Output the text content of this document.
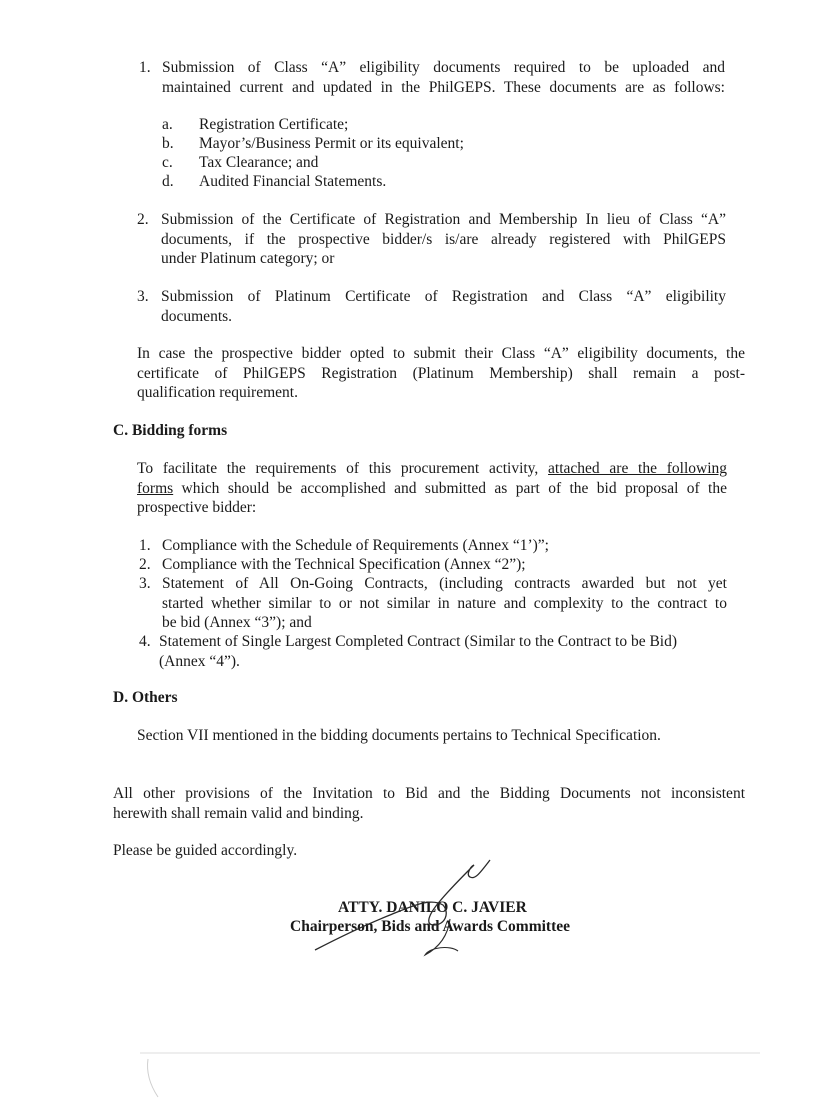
1. Submission of Class “A” eligibility documents required to be uploaded and
maintained current and updated in the PhilGEPS. These documents are as follows:

a. Registration Certificate;
b. Mayor’s/Business Permit or its equivalent;
c. Tax Clearance; and
d. Audited Financial Statements.
2. Submission of the Certificate of Registration and Membership In lieu of Class “A”
documents, if the prospective bidder/s is/are already registered with PhilGEPS
under Platinum category; or

3. Submission of Platinum Certificate of Registration and Class “A” eligibility
documents.

In case the prospective bidder opted to submit their Class “A” eligibility documents, the
certificate of PhilGEPS Registration (Platinum Membership) shall remain a post-
qualification requirement.

C. Bidding forms

To facilitate the requirements of this procurement activity, attached are the following
forms which should be accomplished and submitted as part of the bid proposal of the
prospective bidder:

1. Compliance with the Schedule of Requirements (Annex “1’)”;
2. Compliance with the Technical Specification (Annex “2”);
3. Statement of All On-Going Contracts, (including contracts awarded but not yet
started whether similar to or not similar in nature and complexity to the contract to
be bid (Annex “3”); and

4. Statement of Single Largest Completed Contract (Similar to the Contract to be Bid)
(Annex “4”).

D. Others
Section VII mentioned in the bidding documents pertains to Technical Specification.

All other provisions of the Invitation to Bid and the Bidding Documents not inconsistent
herewith shall remain valid and binding.

Please be guided accordingly.
ATTY. DANILO C. JAVIER
Chairperson, Bids and Awards Committee
